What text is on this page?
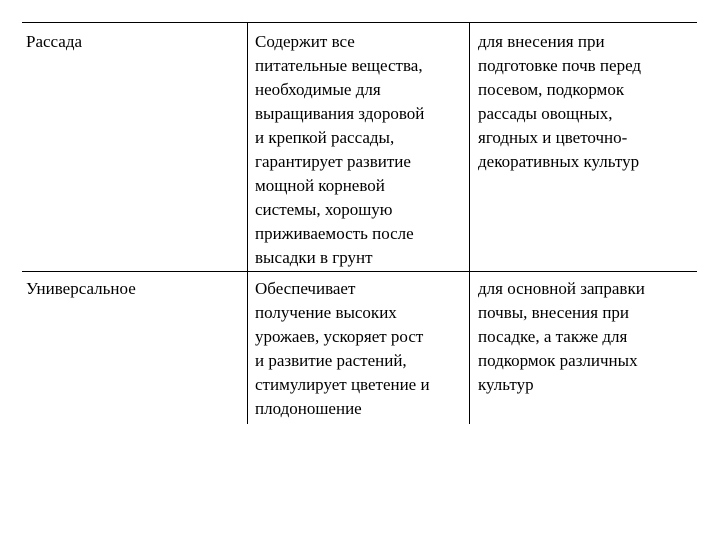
Рассада	Содержит все
питательные вещества,
необходимые для
выращивания здоровой
и крепкой рассады,
гарантирует развитие
мощной корневой
системы, хорошую
приживаемость после
высадки в грунт
для внесения при
подготовке почв перед
посевом, подкормок
рассады овощных,
ягодных и цветочно-
декоративных культур
Универсальное	Обеспечивает
получение высоких
урожаев, ускоряет рост
и развитие растений,
стимулирует цветение и
плодоношение
для основной заправки
почвы, внесения при
посадке, а также для
подкормок различных
культур
